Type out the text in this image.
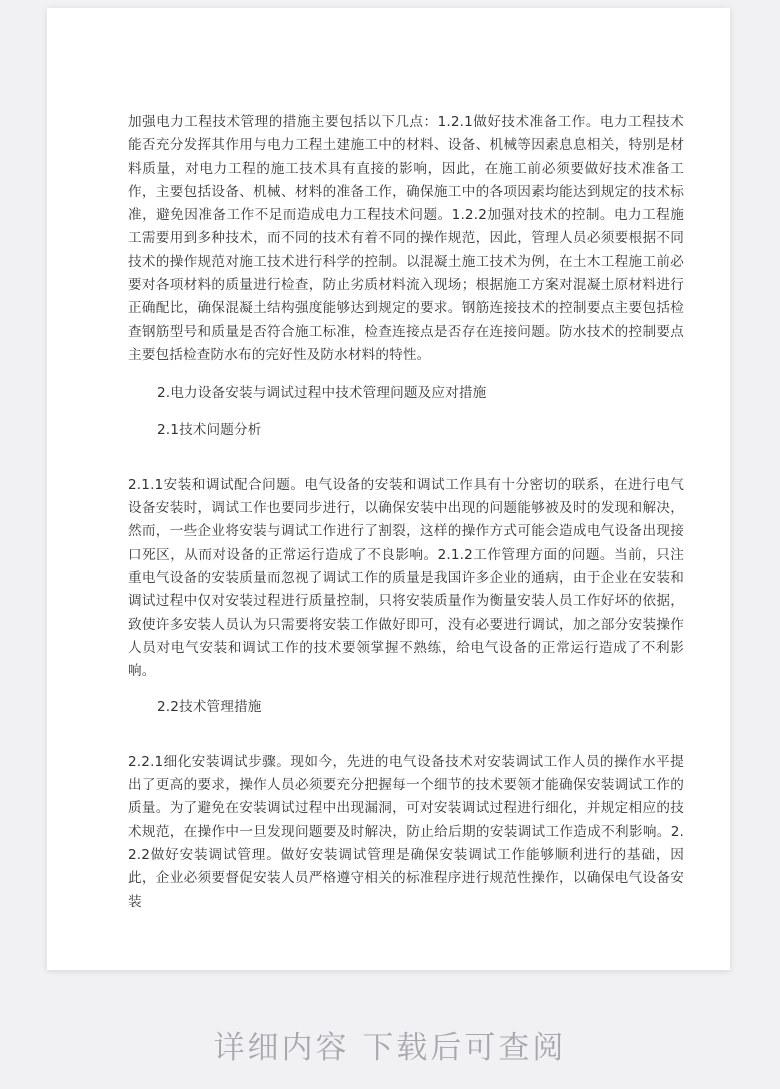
加强电力工程技术管理的措施主要包括以下几点：1.2.1做好技术准备工作。电力工程技术能否充分发挥其作用与电力工程土建施工中的材料、设备、机械等因素息息相关，特别是材料质量，对电力工程的施工技术具有直接的影响，因此，在施工前必须要做好技术准备工作，主要包括设备、机械、材料的准备工作，确保施工中的各项因素均能达到规定的技术标准，避免因准备工作不足而造成电力工程技术问题。1.2.2加强对技术的控制。电力工程施工需要用到多种技术，而不同的技术有着不同的操作规范，因此，管理人员必须要根据不同技术的操作规范对施工技术进行科学的控制。以混凝土施工技术为例，在土木工程施工前必要对各项材料的质量进行检查，防止劣质材料流入现场；根据施工方案对混凝土原材料进行正确配比，确保混凝土结构强度能够达到规定的要求。钢筋连接技术的控制要点主要包括检查钢筋型号和质量是否符合施工标准，检查连接点是否存在连接问题。防水技术的控制要点主要包括检查防水布的完好性及防水材料的特性。

2.电力设备安装与调试过程中技术管理问题及应对措施

2.1技术问题分析

2.1.1安装和调试配合问题。电气设备的安装和调试工作具有十分密切的联系，在进行电气设备安装时，调试工作也要同步进行，以确保安装中出现的问题能够被及时的发现和解决，然而，一些企业将安装与调试工作进行了割裂，这样的操作方式可能会造成电气设备出现接口死区，从而对设备的正常运行造成了不良影响。2.1.2工作管理方面的问题。当前，只注重电气设备的安装质量而忽视了调试工作的质量是我国许多企业的通病，由于企业在安装和调试过程中仅对安装过程进行质量控制，只将安装质量作为衡量安装人员工作好坏的依据，致使许多安装人员认为只需要将安装工作做好即可，没有必要进行调试，加之部分安装操作人员对电气安装和调试工作的技术要领掌握不熟练，给电气设备的正常运行造成了不利影响。

2.2技术管理措施

2.2.1细化安装调试步骤。现如今，先进的电气设备技术对安装调试工作人员的操作水平提出了更高的要求，操作人员必须要充分把握每一个细节的技术要领才能确保安装调试工作的质量。为了避免在安装调试过程中出现漏洞，可对安装调试过程进行细化，并规定相应的技术规范，在操作中一旦发现问题要及时解决，防止给后期的安装调试工作造成不利影响。2.2.2做好安装调试管理。做好安装调试管理是确保安装调试工作能够顺利进行的基础，因此，企业必须要督促安装人员严格遵守相关的标准程序进行规范性操作，以确保电气设备安装

详细内容 下载后可查阅
